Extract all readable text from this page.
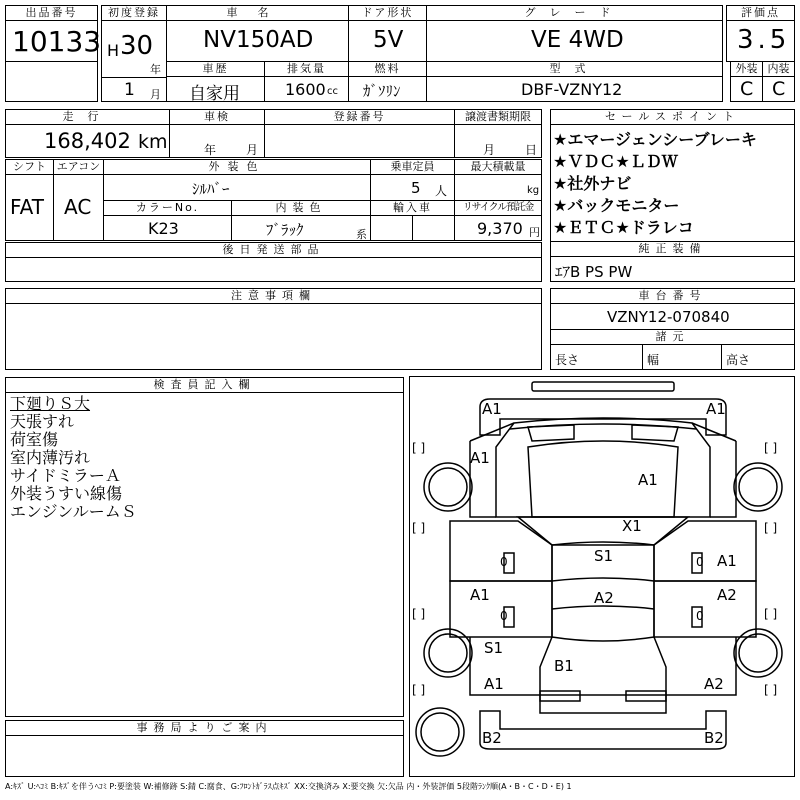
出品番号
10133
初度登録
H 30
年
1 月
車名
NV150AD
ドア形状
5V
グレード
VE 4WD
評価点
3.5
車歴
自家用
排気量
1600 cc
燃料
ｶﾞｿﾘﾝ
型式
DBF-VZNY12
外装
C
内装
C
走行
168,402 km
車検
年 月
登録番号	譲渡書類期限
月 日
シフト
FAT
エアコン
AC
外装色
ｼﾙﾊﾞｰ
乗車定員
5 人
最大積載量
kg
カラーNo.
K23
内装色
ﾌﾞﾗｯｸ	系
輸入車	リサイクル預託金
9,370 円
後日発送部品
セールスポイント
★エマージェンシーブレーキ
★ＶＤＣ★ＬＤＷ
★社外ナビ
★バックモニター
★ＥＴＣ★ドラレコ
純正装備
ｴｱB PS PW
注意事項欄	車台番号
VZNY12-070840
諸元
長さ	幅	高さ
検査員記入欄
下廻りＳ大
天張すれ
荷室傷
室内薄汚れ
サイドミラーＡ
外装うすい線傷
エンジンルームＳ
事務局よりご案内
A1	A1
A1
A1
X1
A1
S1
A1	A2	A2
S1
B1
A1	A2
B2	B2
0	0
0	0
[ ]	[ ]
[ ]	[ ]
[ ]	[ ]
[ ]	[ ]
A:ｷｽﾞ U:ﾍｺﾐ B:ｷｽﾞを伴うﾍｺﾐ P:要塗装 W:補修跡 S:錆 C:腐食、G:ﾌﾛﾝﾄｶﾞﾗｽ点ｷｽﾞ XX:交換済み X:要交換 欠:欠品 内・外装評価 5段階ﾗﾝｸ順(A・B・C・D・E) 1
